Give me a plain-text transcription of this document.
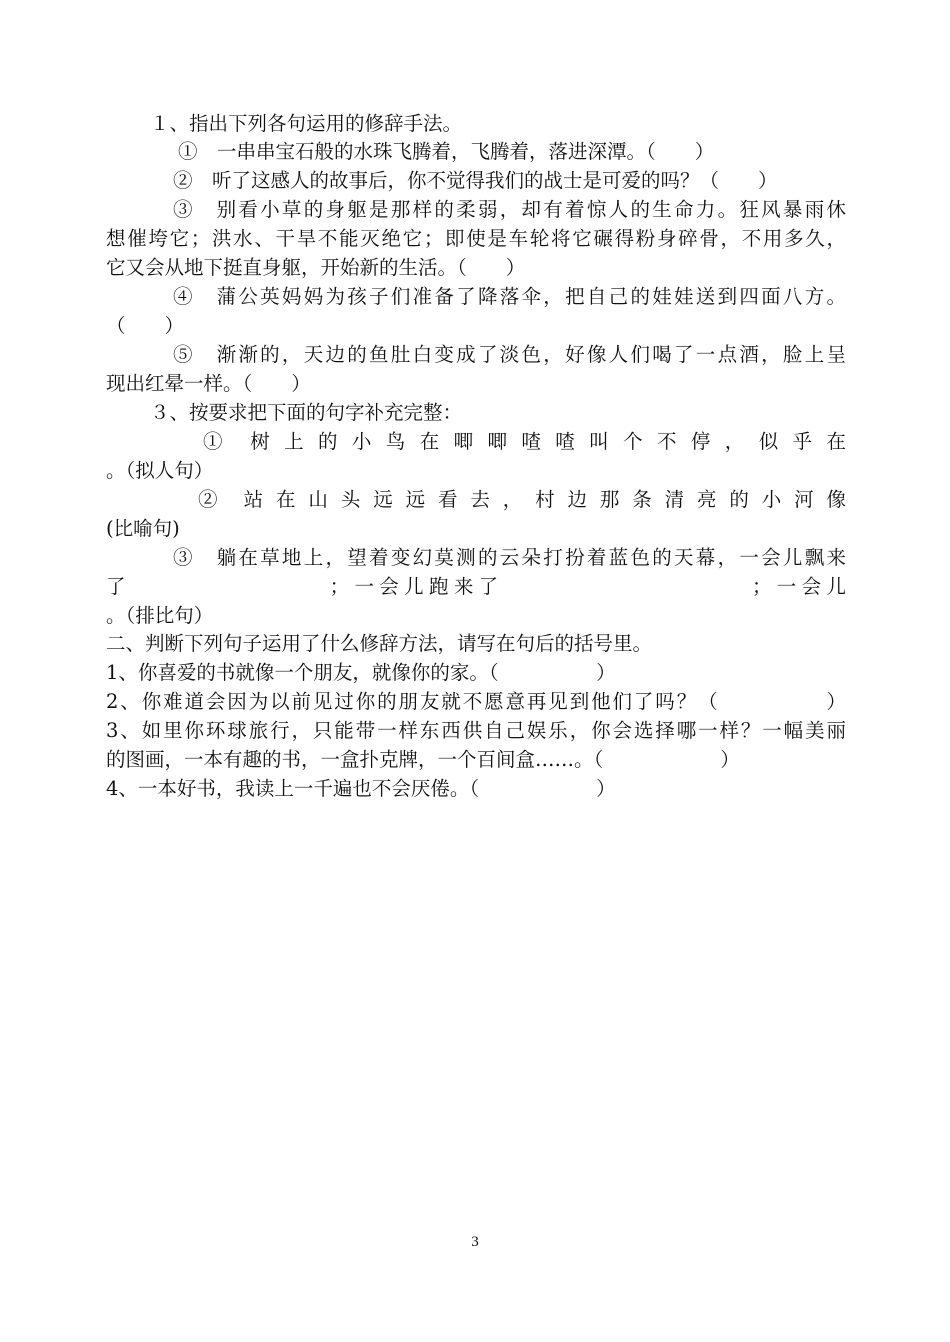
１、指出下列各句运用的修辞手法。
①　一串串宝石般的水珠飞腾着，飞腾着，落进深潭。（　　）
②　听了这感人的故事后，你不觉得我们的战士是可爱的吗？（　　）
③　别看小草的身躯是那样的柔弱，却有着惊人的生命力。狂风暴雨休
想催垮它；洪水、干旱不能灭绝它；即使是车轮将它碾得粉身碎骨，不用多久，
它又会从地下挺直身躯，开始新的生活。（　　）
④　蒲公英妈妈为孩子们准备了降落伞，把自己的娃娃送到四面八方。
（　　）
⑤　渐渐的，天边的鱼肚白变成了淡色，好像人们喝了一点酒，脸上呈
现出红晕一样。（　　）
３、按要求把下面的句字补充完整：
①　树 上 的 小 鸟 在 唧 唧 喳 喳 叫 个 不 停 ， 似 乎 在
。（拟人句）
②　站 在 山 头 远 远 看 去 ， 村 边 那 条 清 亮 的 小 河 像
(比喻句)
③　躺在草地上，望着变幻莫测的云朵打扮着蓝色的天幕，一会儿飘来
了　　　　　　　　；一会儿跑来了　　　　　　　　　　；一会儿
。（排比句）
二、判断下列句子运用了什么修辞方法，请写在句后的括号里。
1、你喜爱的书就像一个朋友，就像你的家。（　　　　　）
2、你难道会因为以前见过你的朋友就不愿意再见到他们了吗？（　　　　　）
3、如里你环球旅行，只能带一样东西供自己娱乐，你会选择哪一样？一幅美丽
的图画，一本有趣的书，一盒扑克牌，一个百间盒……。（　　　　　　）
4、一本好书，我读上一千遍也不会厌倦。（　　　　　　）
3
